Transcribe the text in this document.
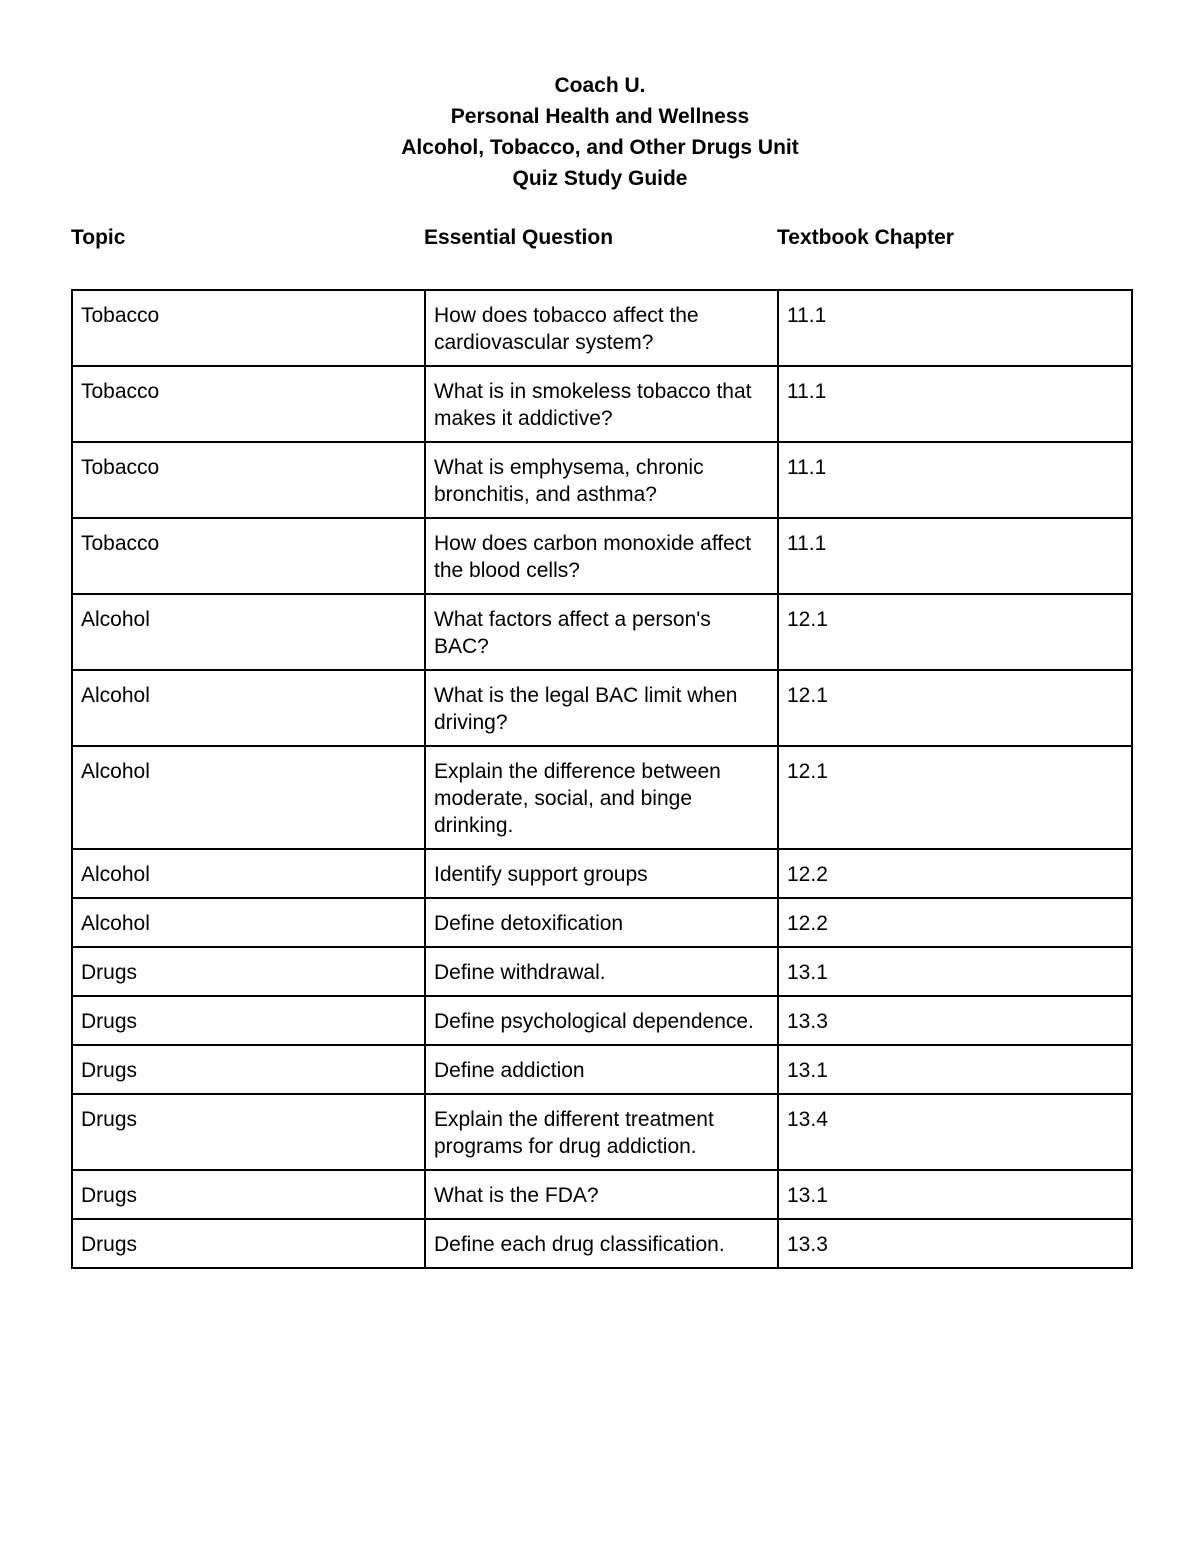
Coach U.
Personal Health and Wellness
Alcohol, Tobacco, and Other Drugs Unit
Quiz Study Guide
Topic	Essential Question	Textbook Chapter
Tobacco	How does tobacco affect the cardiovascular system?	11.1
Tobacco	What is in smokeless tobacco that makes it addictive?	11.1
Tobacco	What is emphysema, chronic bronchitis, and asthma?	11.1
Tobacco	How does carbon monoxide affect the blood cells?	11.1
Alcohol	What factors affect a person's BAC?	12.1
Alcohol	What is the legal BAC limit when driving?	12.1
Alcohol	Explain the difference between moderate, social, and binge drinking.	12.1
Alcohol	Identify support groups	12.2
Alcohol	Define detoxification	12.2
Drugs	Define withdrawal.	13.1
Drugs	Define psychological dependence.	13.3
Drugs	Define addiction	13.1
Drugs	Explain the different treatment programs for drug addiction.	13.4
Drugs	What is the FDA?	13.1
Drugs	Define each drug classification.	13.3
